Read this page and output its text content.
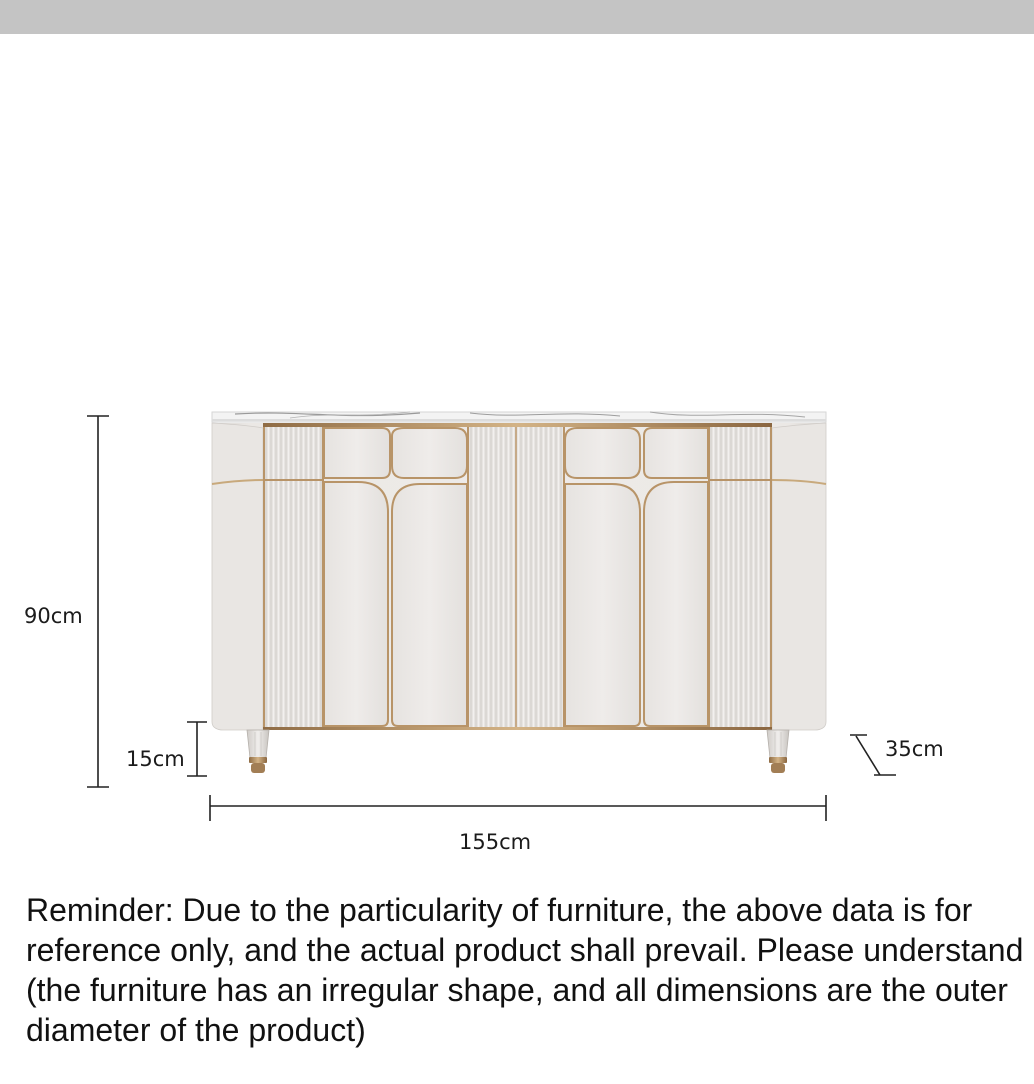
90cm
15cm	35cm
155cm

Reminder: Due to the particularity of furniture, the above data is for reference only, and the actual product shall prevail. Please understand (the furniture has an irregular shape, and all dimensions are the outer diameter of the product)
